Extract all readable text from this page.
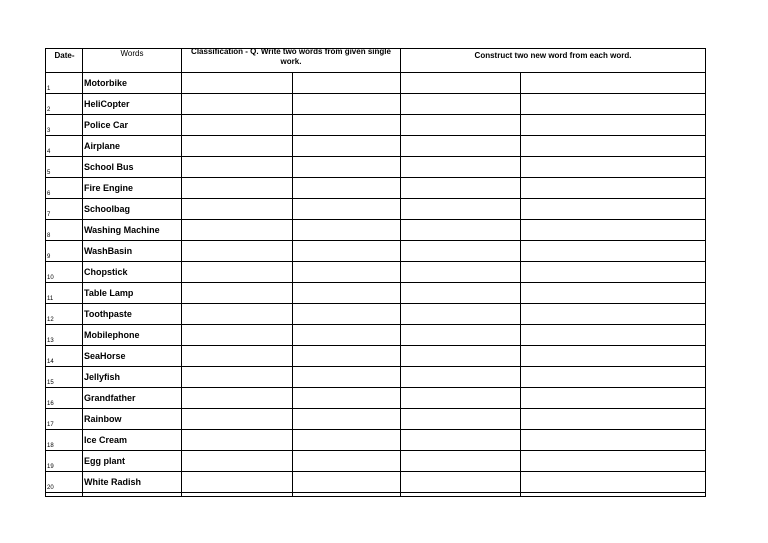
Date-	Words	Classification - Q. Write two words from given single work.		Construct two new word from each word.	
1	Motorbike				
2	HeliCopter				
3	Police Car				
4	Airplane				
5	School Bus				
6	Fire Engine				
7	Schoolbag				
8	Washing Machine				
9	WashBasin				
10	Chopstick				
11	Table Lamp				
12	Toothpaste				
13	Mobilephone				
14	SeaHorse				
15	Jellyfish				
16	Grandfather				
17	Rainbow				
18	Ice Cream				
19	Egg plant				
20	White Radish				
